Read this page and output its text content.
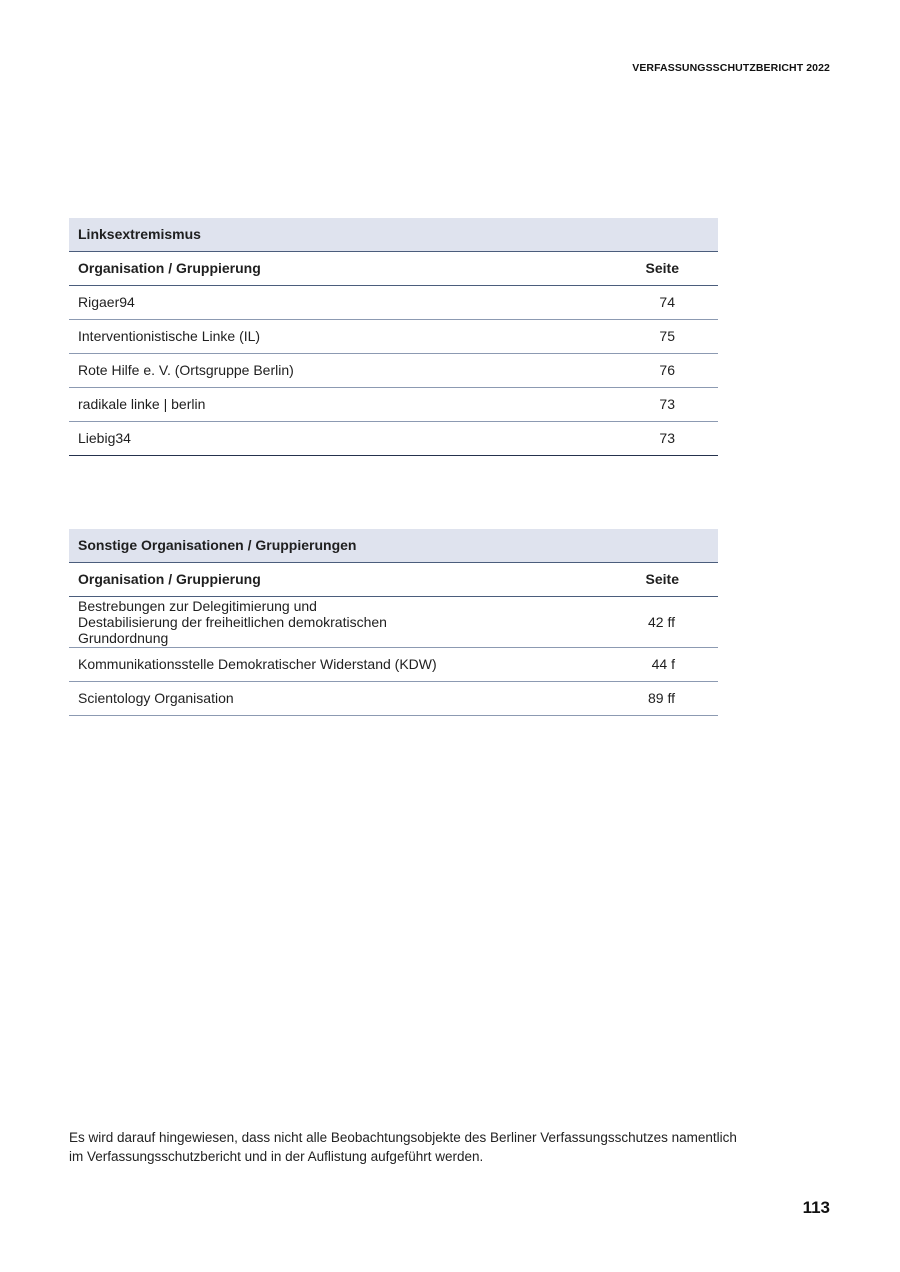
VERFASSUNGSSCHUTZBERICHT 2022
Linksextremismus	
Organisation / Gruppierung	Seite
Rigaer94	74
Interventionistische Linke (IL)	75
Rote Hilfe e. V. (Ortsgruppe Berlin)	76
radikale linke | berlin	73
Liebig34	73
Sonstige Organisationen / Gruppierungen	
Organisation / Gruppierung	Seite
Bestrebungen zur Delegitimierung und Destabilisierung der freiheitlichen demokratischen Grundordnung	42 ff
Kommunikationsstelle Demokratischer Widerstand (KDW)	44 f
Scientology Organisation	89 ff
Es wird darauf hingewiesen, dass nicht alle Beobachtungsobjekte des Berliner Verfassungsschutzes namentlich im Verfassungsschutzbericht und in der Auflistung aufgeführt werden.
113
